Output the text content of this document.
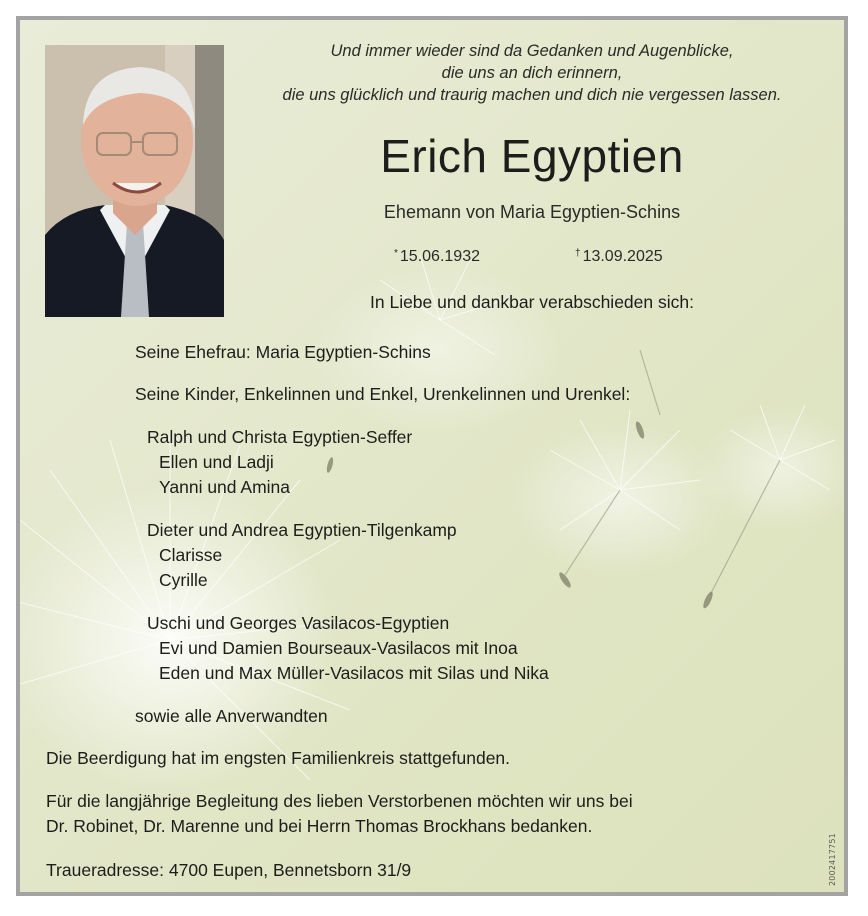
Und immer wieder sind da Gedanken und Augenblicke,
die uns an dich erinnern,
die uns glücklich und traurig machen und dich nie vergessen lassen.
Erich Egyptien
Ehemann von Maria Egyptien-Schins
* 15.06.1932	† 13.09.2025
In Liebe und dankbar verabschieden sich:
Seine Ehefrau: Maria Egyptien-Schins
Seine Kinder, Enkelinnen und Enkel, Urenkelinnen und Urenkel:
Ralph und Christa Egyptien-Seffer
Ellen und Ladji
Yanni und Amina
Dieter und Andrea Egyptien-Tilgenkamp
Clarisse
Cyrille
Uschi und Georges Vasilacos-Egyptien
Evi und Damien Bourseaux-Vasilacos mit Inoa
Eden und Max Müller-Vasilacos mit Silas und Nika
sowie alle Anverwandten
Die Beerdigung hat im engsten Familienkreis stattgefunden.
Für die langjährige Begleitung des lieben Verstorbenen möchten wir uns bei
Dr. Robinet, Dr. Marenne und bei Herrn Thomas Brockhans bedanken.
Traueradresse: 4700 Eupen, Bennetsborn 31/9	2002417751
